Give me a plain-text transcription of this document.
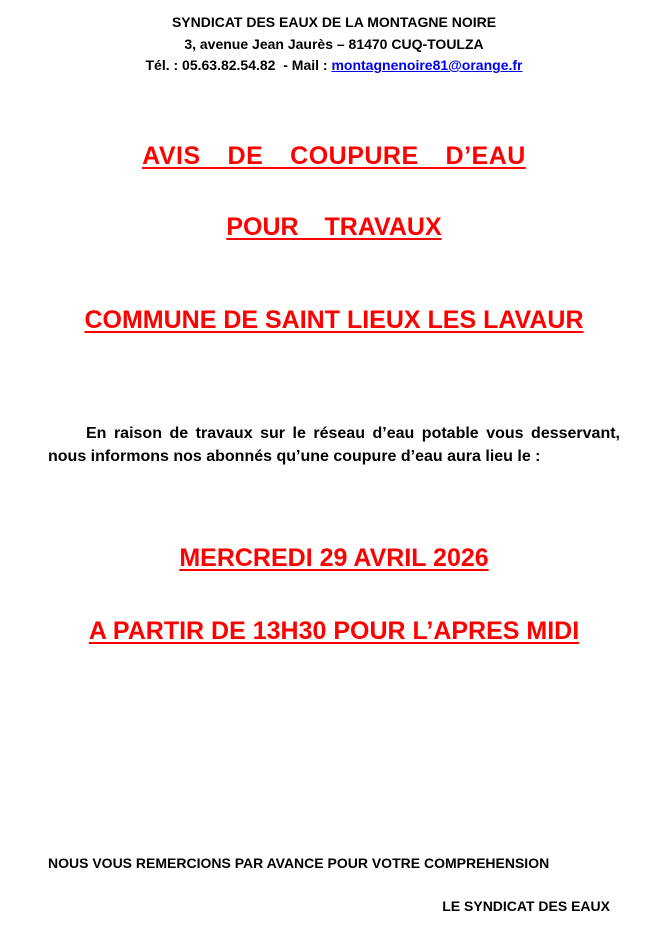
SYNDICAT DES EAUX DE LA MONTAGNE NOIRE
3, avenue Jean Jaurès – 81470 CUQ-TOULZA
Tél. : 05.63.82.54.82  - Mail : montagnenoire81@orange.fr
AVIS  DE  COUPURE  D’EAU
POUR  TRAVAUX
COMMUNE DE SAINT LIEUX LES LAVAUR
En raison de travaux sur le réseau d’eau potable vous desservant, nous informons nos abonnés qu’une coupure d’eau aura lieu le :
MERCREDI 29 AVRIL 2026
A PARTIR DE 13H30 POUR L’APRES MIDI
NOUS VOUS REMERCIONS PAR AVANCE POUR VOTRE COMPREHENSION
LE SYNDICAT DES EAUX
